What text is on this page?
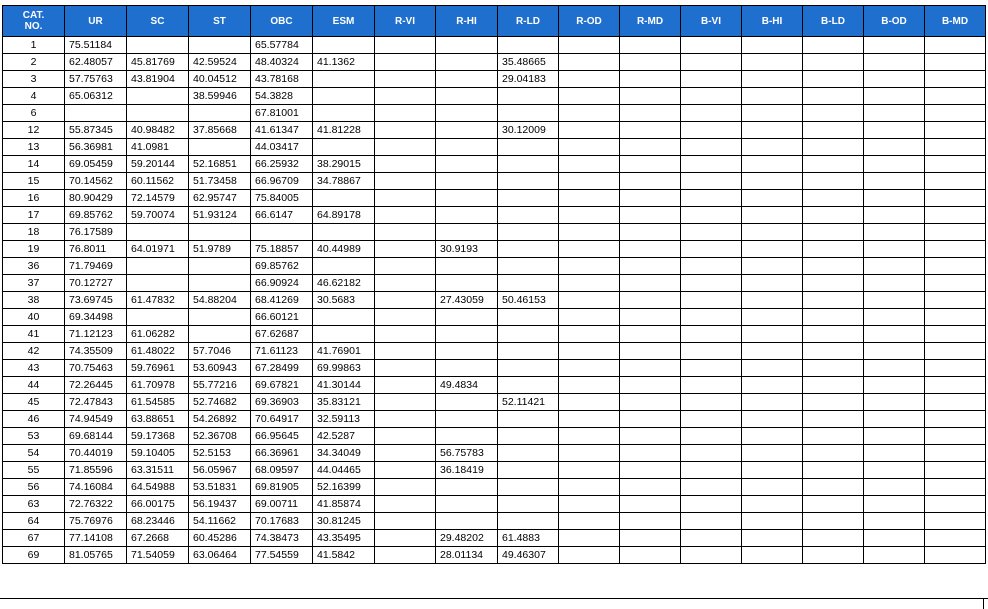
CAT.
NO.	UR	SC	ST	OBC	ESM	R-VI	R-HI	R-LD	R-OD	R-MD	B-VI	B-HI	B-LD	B-OD	B-MD
1	75.51184			65.57784											
2	62.48057	45.81769	42.59524	48.40324	41.1362			35.48665							
3	57.75763	43.81904	40.04512	43.78168				29.04183							
4	65.06312		38.59946	54.3828											
6				67.81001											
12	55.87345	40.98482	37.85668	41.61347	41.81228			30.12009							
13	56.36981	41.0981		44.03417											
14	69.05459	59.20144	52.16851	66.25932	38.29015										
15	70.14562	60.11562	51.73458	66.96709	34.78867										
16	80.90429	72.14579	62.95747	75.84005											
17	69.85762	59.70074	51.93124	66.6147	64.89178										
18	76.17589														
19	76.8011	64.01971	51.9789	75.18857	40.44989		30.9193								
36	71.79469			69.85762											
37	70.12727			66.90924	46.62182										
38	73.69745	61.47832	54.88204	68.41269	30.5683		27.43059	50.46153							
40	69.34498			66.60121											
41	71.12123	61.06282		67.62687											
42	74.35509	61.48022	57.7046	71.61123	41.76901										
43	70.75463	59.76961	53.60943	67.28499	69.99863										
44	72.26445	61.70978	55.77216	69.67821	41.30144		49.4834								
45	72.47843	61.54585	52.74682	69.36903	35.83121			52.11421							
46	74.94549	63.88651	54.26892	70.64917	32.59113										
53	69.68144	59.17368	52.36708	66.95645	42.5287										
54	70.44019	59.10405	52.5153	66.36961	34.34049		56.75783								
55	71.85596	63.31511	56.05967	68.09597	44.04465		36.18419								
56	74.16084	64.54988	53.51831	69.81905	52.16399										
63	72.76322	66.00175	56.19437	69.00711	41.85874										
64	75.76976	68.23446	54.11662	70.17683	30.81245										
67	77.14108	67.2668	60.45286	74.38473	43.35495		29.48202	61.4883							
69	81.05765	71.54059	63.06464	77.54559	41.5842		28.01134	49.46307							
